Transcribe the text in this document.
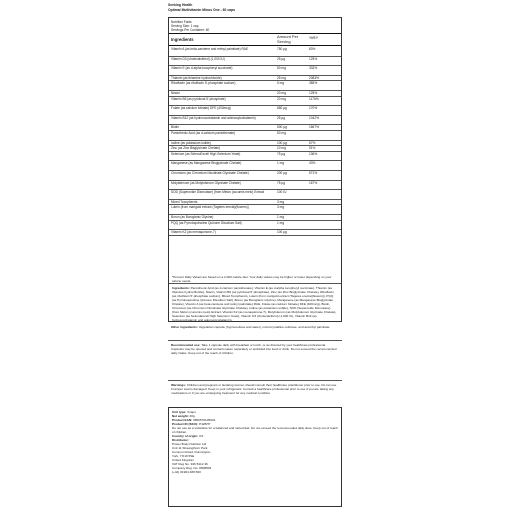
Seeking Health
Optimal Multivitamin Minus One - 60 caps
Nutrition Facts
Serving Size: 1 cap
Servings Per Container: 60
Ingredients
Amount Per Serving
%RI*
Vitamin A (as beta-carotene and retinyl palmitate) RAE	750 µg	83%
Vitamin D3 (cholecalciferol) (1,000 IU)	25 µg	125%
Vitamin E (as d-alpha tocopheryl succinate)	50 mg	333%
Thiamin (as thiamine hydrochloride)	25 mg	2083%
Riboflavin (as riboflavin 5'-phosphate sodium)	5 mg	385%
Niacin	20 mg	125%
Vitamin B6 (as pyridoxal 5'-phosphate)	20 mg	1176%
Folate (as calcium folinate) DFE (400mcg)	680 µg	170%
Vitamin B12 (as hydroxocobalamin and adenosylcobalamin)	25 µg	1042%
Biotin	500 µg	1667%
Pantothenic Acid (as d-calcium pantothenate)	50 mg
Iodine (as potassium iodide)	100 µg	67%
Zinc (as Zinc Bisglycinate Chelate)	10 mg	91%
Selenium (as SelenoExcell High Selenium Yeast)	75 µg	136%
Manganese (as Manganese Bisglycinate Chelate)	1 mg	43%
Chromium (as Chromium Nicotinate Glycinate Chelate)	200 µg	571%
Molybdenum (as Molybdenum Glycinate Chelate)	75 µg	167%
SOD (Superoxide Dismutase) (from Melon (cucumis melo) Extract	100 IU
Mixed Tocopherols	3 mg
Lutein (from marigold extract (Tagetes erecta)(flowers))	3 mg
Boron (as Boroglanic Glycine)	1 mg
PQQ (as Pyrroloquinoline Quinone Disodium Salt)	1 mg
Vitamin K2 (as menaquinone-7)	100 µg
*Percent Daily Values are based on a 2,000 calorie diet. Your daily values may be higher or lower depending on your calorie needs.
Ingredients: Pantothenic Acid (as d-calcium pantothenate), Vitamin E (as d-alpha tocopheryl succinate), Thiamin (as thiamine hydrochloride), Niacin, Vitamin B6 (as pyridoxal 5'-phosphate), Zinc (as Zinc Bisglycinate Chelate), Riboflavin (as riboflavin 5'-phosphate sodium), Mixed Tocopherols, Lutein (from marigold extract (Tagetes erecta)(flowers)), PQQ (as Pyrroloquinoline Quinone Disodium Salt), Boron (as Boroglanic Glycine), Manganese (as Manganese Bisglycinate Chelate), Vitamin A (as beta-carotene and retinyl palmitate) RAE, Folate (as calcium folinate) DFE (400mcg), Biotin, Chromium (as Chromium Nicotinate Glycinate Chelate), Iodine (as potassium iodide), SOD (Superoxide Dismutase) (from Melon (cucumis melo) Extract, Vitamin K2 (as menaquinone-7), Molybdenum (as Molybdenum Glycinate Chelate), Selenium (as SelenoExcell High Selenium Yeast), Vitamin D3 (cholecalciferol) (1,000 IU), Vitamin B12 (as hydroxocobalamin and adenosylcobalamin).
Other ingredients: Vegetarian capsule (hypromellose and water), microcrystalline cellulose, and ascorbyl palmitate.
Recommended use: Take 1 capsule daily with breakfast or lunch, or as directed by your healthcare professional. Capsules may be opened and contents taken separately or sprinkled into food or drink. Do not exceed the recommended daily intake. Keep out of the reach of children.
Warnings: Children and pregnant or lactating women should consult their healthcare practitioner prior to use. Do not use if tamper seal is damaged. Keep in your refrigerator. Consult a healthcare professional prior to use if you are taking any medications or if you are undergoing treatment for any medical condition.
Unit type: Vcaps
Net weight: 40g
Product EAN: 0850579105934
Product ID (SKU): P42BH7
Do not use as a substitute for a balanced and varied diet. Do not exceed the recommended daily dose. Keep out of reach of children.
Country of origin: US
Distributor:
Power Body Nutrition Ltd
Unit 11 Shaungthorn Park
Common Road, Dunnington,
York, YO19 5SE
United Kingdom
VAT Reg No. 946 5412 46
Company Reg. No. 8908802
(+44) 01904 488 500
